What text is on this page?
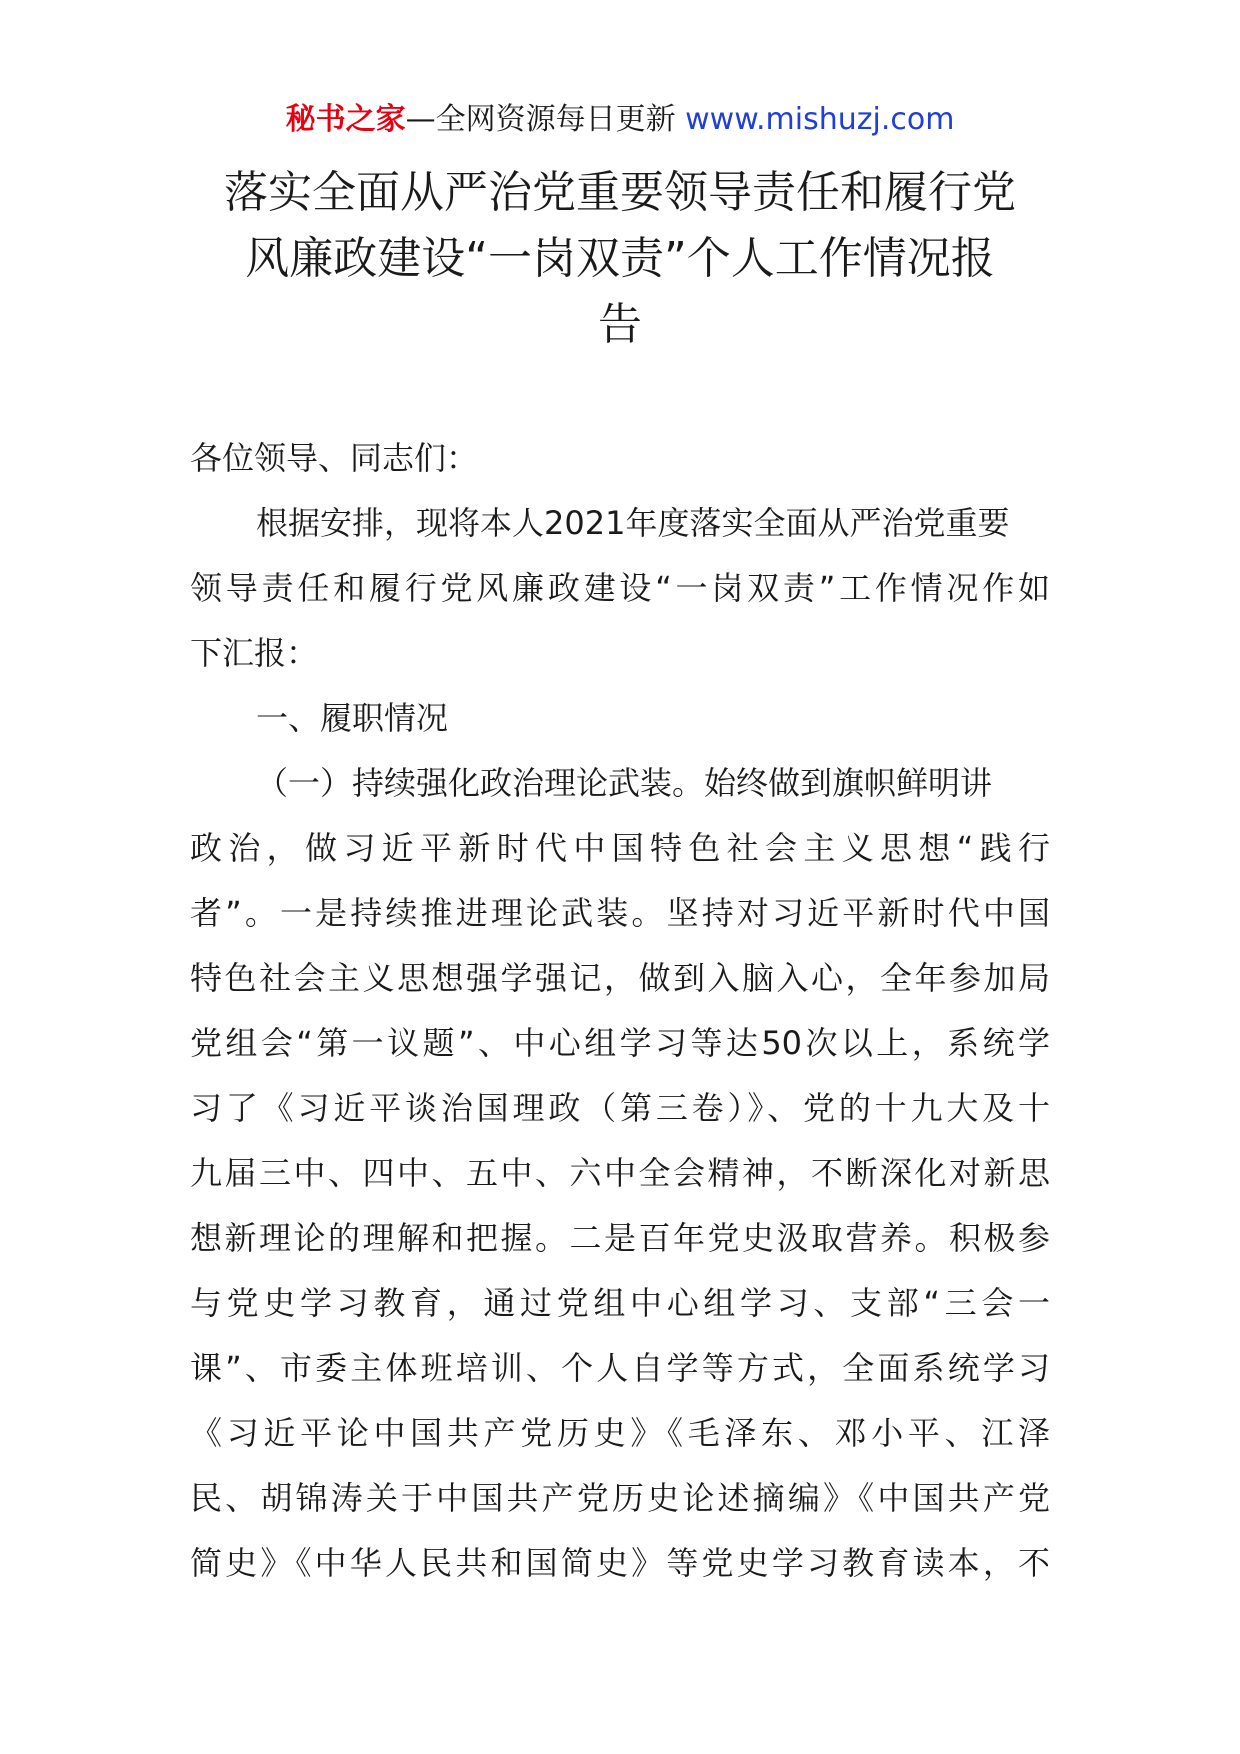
秘书之家—全网资源每日更新 www.mishuzj.com
落实全面从严治党重要领导责任和履行党
风廉政建设“一岗双责”个人工作情况报
告
各位领导、同志们：
根据安排，现将本人2021年度落实全面从严治党重要
领导责任和履行党风廉政建设“一岗双责”工作情况作如
下汇报：
一、履职情况
（一）持续强化政治理论武装。始终做到旗帜鲜明讲
政治，做习近平新时代中国特色社会主义思想“践行
者”。一是持续推进理论武装。坚持对习近平新时代中国
特色社会主义思想强学强记，做到入脑入心，全年参加局
党组会“第一议题”、中心组学习等达50次以上，系统学
习了《习近平谈治国理政（第三卷）》、党的十九大及十
九届三中、四中、五中、六中全会精神，不断深化对新思
想新理论的理解和把握。二是百年党史汲取营养。积极参
与党史学习教育，通过党组中心组学习、支部“三会一
课”、市委主体班培训、个人自学等方式，全面系统学习
《习近平论中国共产党历史》《毛泽东、邓小平、江泽
民、胡锦涛关于中国共产党历史论述摘编》《中国共产党
简史》《中华人民共和国简史》等党史学习教育读本，不
